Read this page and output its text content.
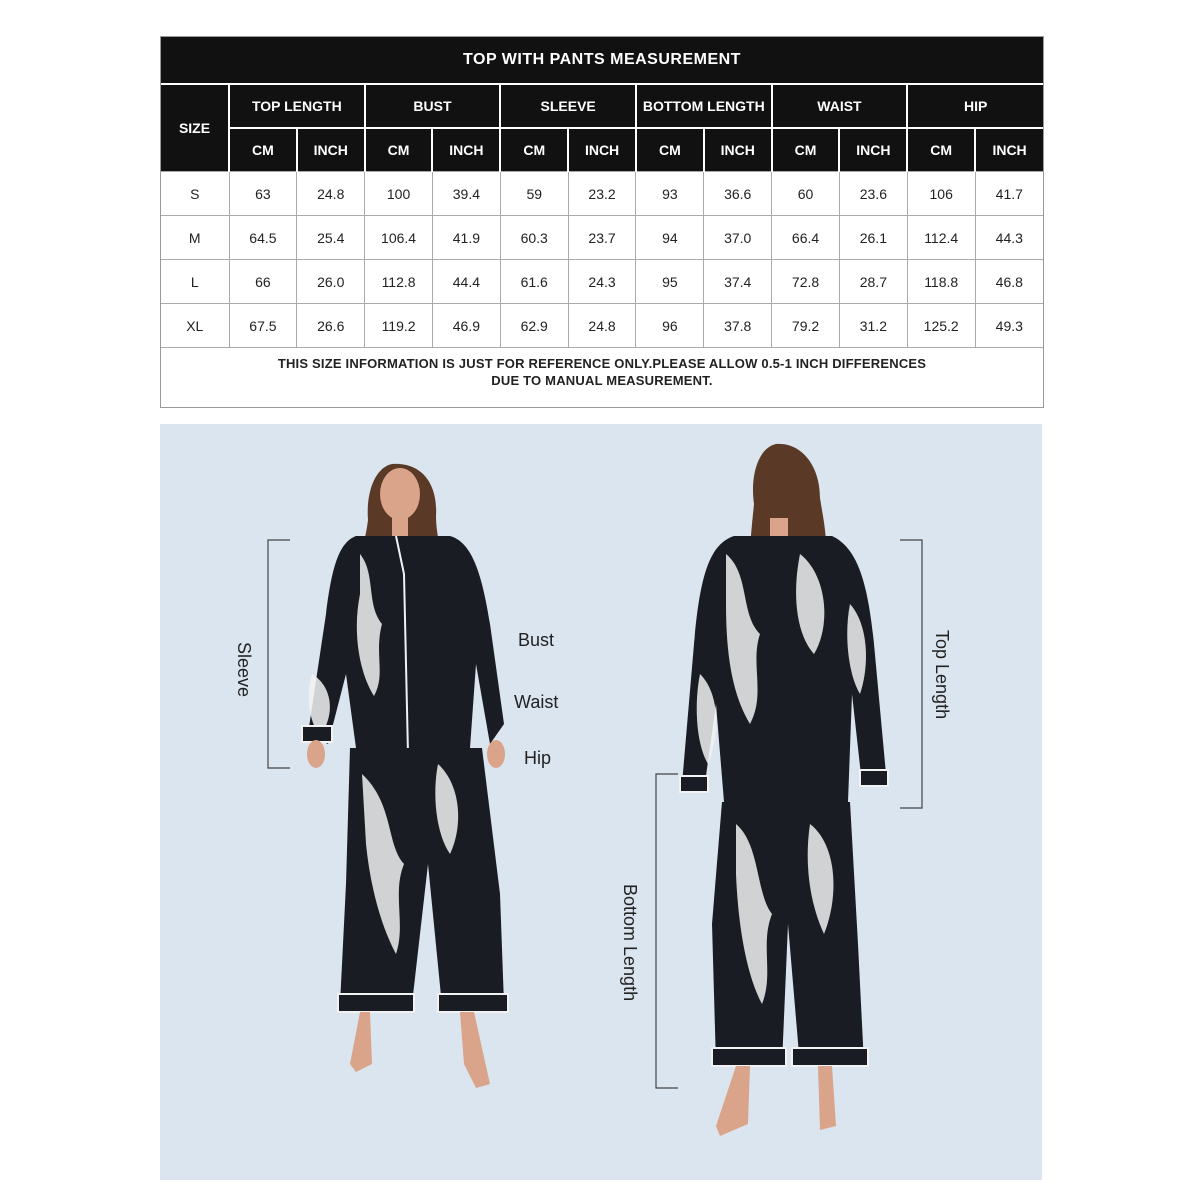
TOP WITH PANTS MEASUREMENT												
SIZE	TOP LENGTH		BUST		SLEEVE		BOTTOM LENGTH		WAIST		HIP	
	CM	INCH	CM	INCH	CM	INCH	CM	INCH	CM	INCH	CM	INCH
S	63	24.8	100	39.4	59	23.2	93	36.6	60	23.6	106	41.7
M	64.5	25.4	106.4	41.9	60.3	23.7	94	37.0	66.4	26.1	112.4	44.3
L	66	26.0	112.8	44.4	61.6	24.3	95	37.4	72.8	28.7	118.8	46.8
XL	67.5	26.6	119.2	46.9	62.9	24.8	96	37.8	79.2	31.2	125.2	49.3
THIS SIZE INFORMATION IS JUST FOR REFERENCE ONLY.PLEASE ALLOW 0.5-1 INCH DIFFERENCES
DUE TO MANUAL MEASUREMENT.												
Bust
Waist
Hip
Sleeve	Top Length
Bottom Length
